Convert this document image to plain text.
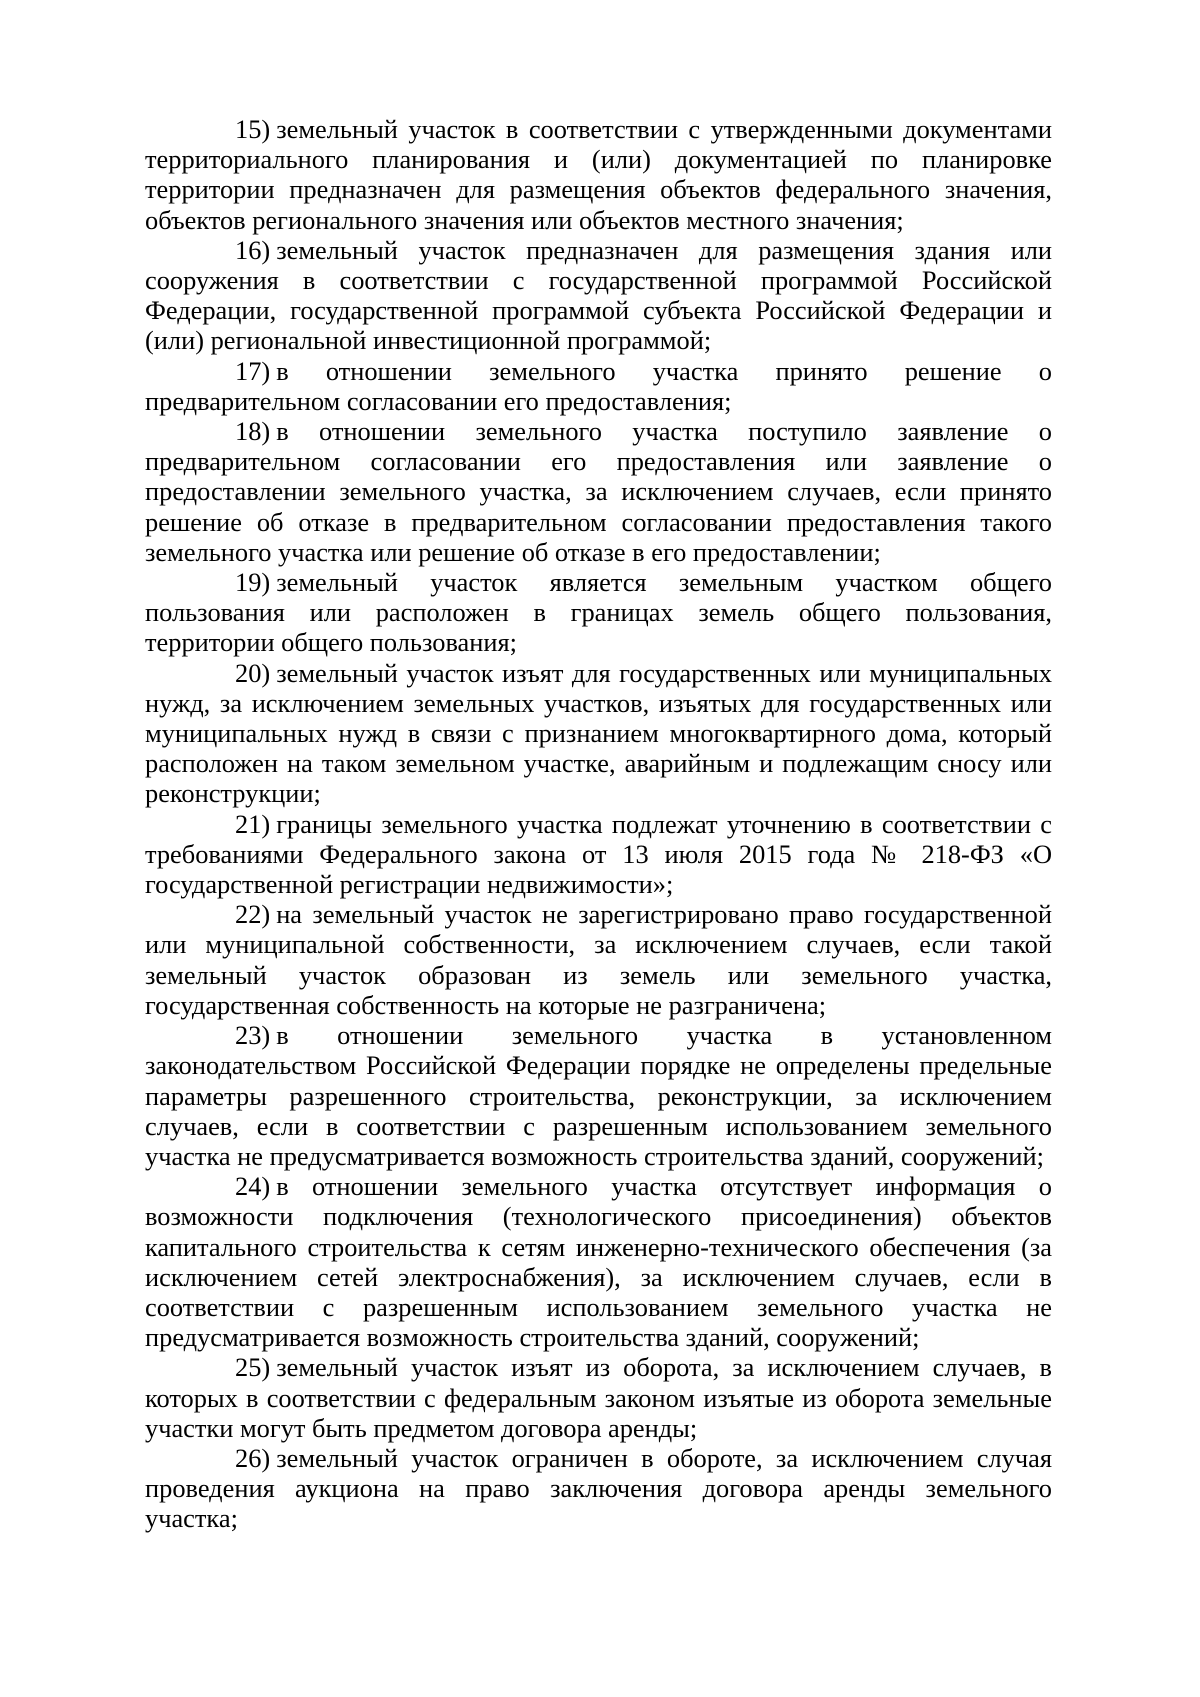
15) земельный участок в соответствии с утвержденными документами территориального планирования и (или) документацией по планировке территории предназначен для размещения объектов федерального значения, объектов регионального значения или объектов местного значения;

16) земельный участок предназначен для размещения здания или сооружения в соответствии с государственной программой Российской Федерации, государственной программой субъекта Российской Федерации и (или) региональной инвестиционной программой;

17) в отношении земельного участка принято решение о предварительном согласовании его предоставления;

18) в отношении земельного участка поступило заявление о предварительном согласовании его предоставления или заявление о предоставлении земельного участка, за исключением случаев, если принято решение об отказе в предварительном согласовании предоставления такого земельного участка или решение об отказе в его предоставлении;

19) земельный участок является земельным участком общего пользования или расположен в границах земель общего пользования, территории общего пользования;

20) земельный участок изъят для государственных или муниципальных нужд, за исключением земельных участков, изъятых для государственных или муниципальных нужд в связи с признанием многоквартирного дома, который расположен на таком земельном участке, аварийным и подлежащим сносу или реконструкции;

21) границы земельного участка подлежат уточнению в соответствии с требованиями Федерального закона от 13 июля 2015 года № 218-ФЗ «О государственной регистрации недвижимости»;

22) на земельный участок не зарегистрировано право государственной или муниципальной собственности, за исключением случаев, если такой земельный участок образован из земель или земельного участка, государственная собственность на которые не разграничена;

23) в отношении земельного участка в установленном законодательством Российской Федерации порядке не определены предельные параметры разрешенного строительства, реконструкции, за исключением случаев, если в соответствии с разрешенным использованием земельного участка не предусматривается возможность строительства зданий, сооружений;

24) в отношении земельного участка отсутствует информация о возможности подключения (технологического присоединения) объектов капитального строительства к сетям инженерно-технического обеспечения (за исключением сетей электроснабжения), за исключением случаев, если в соответствии с разрешенным использованием земельного участка не предусматривается возможность строительства зданий, сооружений;

25) земельный участок изъят из оборота, за исключением случаев, в которых в соответствии с федеральным законом изъятые из оборота земельные участки могут быть предметом договора аренды;

26) земельный участок ограничен в обороте, за исключением случая проведения аукциона на право заключения договора аренды земельного участка;
